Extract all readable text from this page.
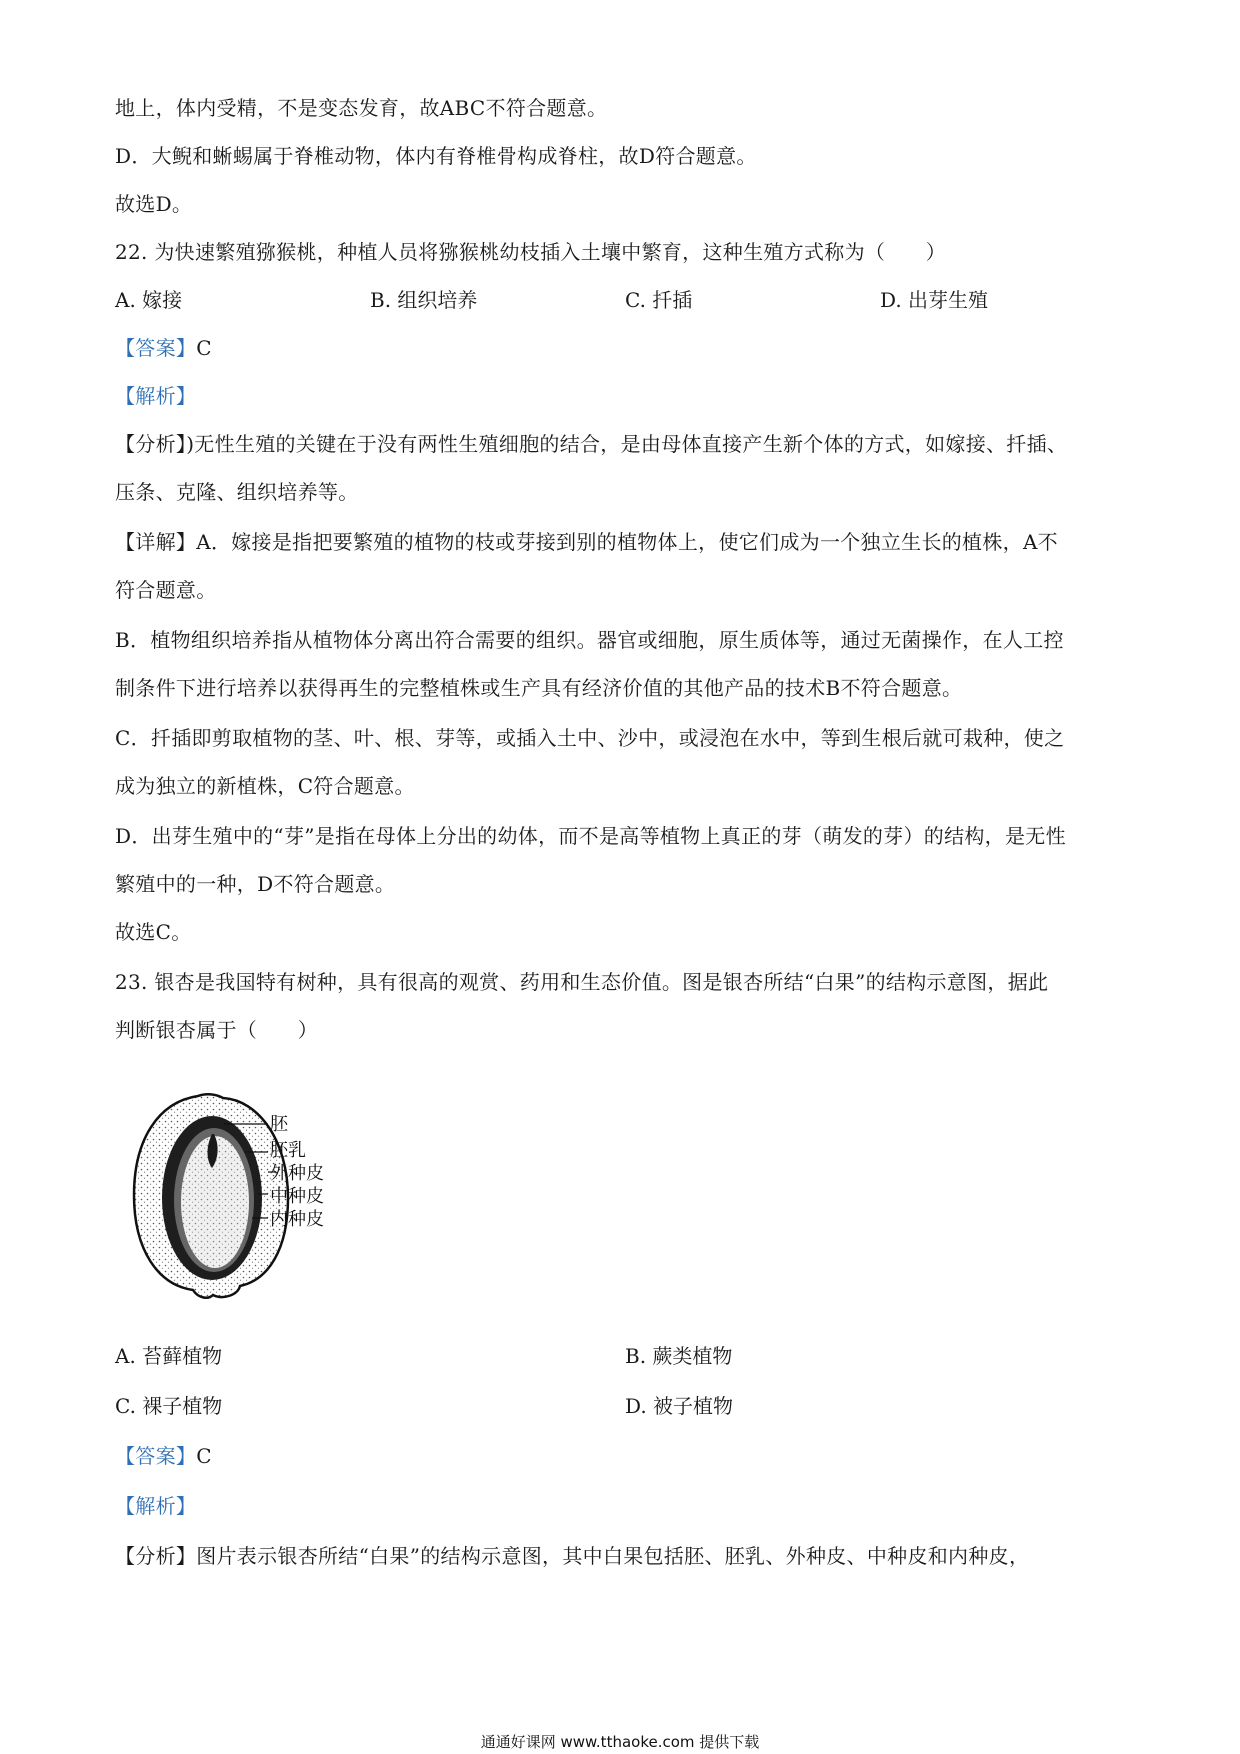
地上，体内受精，不是变态发育，故ABC不符合题意。
D．大鲵和蜥蜴属于脊椎动物，体内有脊椎骨构成脊柱，故D符合题意。
故选D。
22. 为快速繁殖猕猴桃，种植人员将猕猴桃幼枝插入土壤中繁育，这种生殖方式称为（　　）
A. 嫁接	B. 组织培养	C. 扦插	D. 出芽生殖
【答案】C
【解析】
【分析】)无性生殖的关键在于没有两性生殖细胞的结合，是由母体直接产生新个体的方式，如嫁接、扦插、
压条、克隆、组织培养等。
【详解】A．嫁接是指把要繁殖的植物的枝或芽接到别的植物体上，使它们成为一个独立生长的植株，A不
符合题意。
B．植物组织培养指从植物体分离出符合需要的组织。器官或细胞，原生质体等，通过无菌操作，在人工控
制条件下进行培养以获得再生的完整植株或生产具有经济价值的其他产品的技术B不符合题意。
C．扦插即剪取植物的茎、叶、根、芽等，或插入土中、沙中，或浸泡在水中，等到生根后就可栽种，使之
成为独立的新植株，C符合题意。
D．出芽生殖中的“芽”是指在母体上分出的幼体，而不是高等植物上真正的芽（萌发的芽）的结构，是无性
繁殖中的一种，D不符合题意。
故选C。
23. 银杏是我国特有树种，具有很高的观赏、药用和生态价值。图是银杏所结“白果”的结构示意图，据此
判断银杏属于（　　）
胚
胚乳
外种皮
中种皮
内种皮
A. 苔藓植物	B. 蕨类植物
C. 裸子植物	D. 被子植物
【答案】C
【解析】
【分析】图片表示银杏所结“白果”的结构示意图，其中白果包括胚、胚乳、外种皮、中种皮和内种皮，
通通好课网 www.tthaoke.com 提供下载
